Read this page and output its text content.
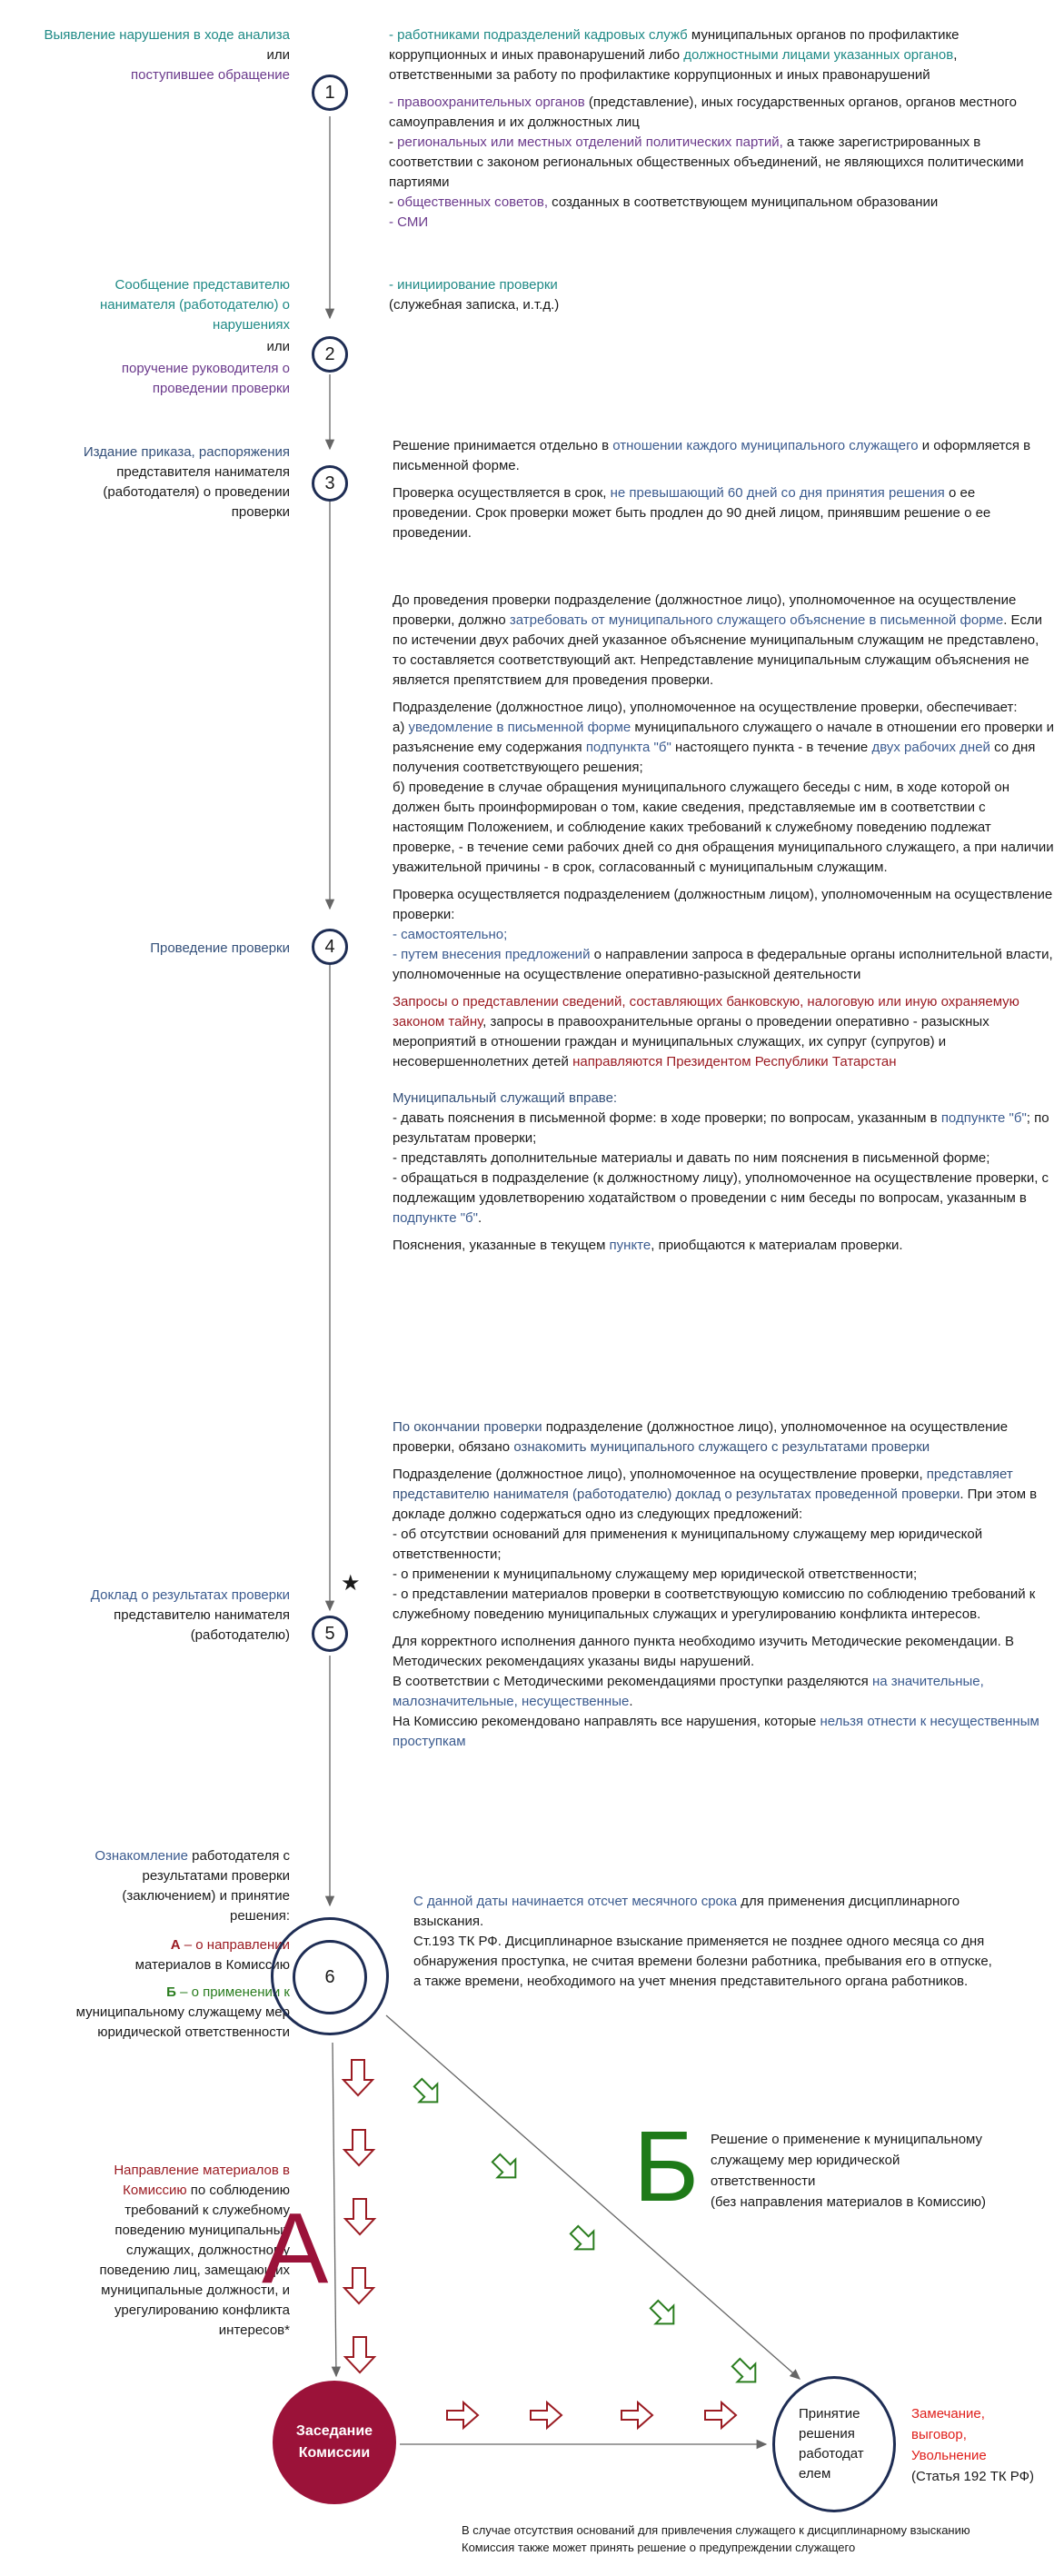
Выявление нарушения в ходе анализа
или
поступившее обращение
1

- работниками подразделений кадровых служб муниципальных органов по профилактике коррупционных и иных правонарушений либо должностными лицами указанных органов, ответственными за работу по профилактике коррупционных и иных правонарушений

- правоохранительных органов (представление), иных государственных органов, органов местного самоуправления и их должностных лиц

- региональных или местных отделений политических партий, а также зарегистрированных в соответствии с законом региональных общественных объединений, не являющихся политическими партиями

- общественных советов, созданных в соответствующем муниципальном образовании

- СМИ

Сообщение представителю нанимателя (работодателю) о нарушениях
или
поручение руководителя о проведении проверки
2
- инициирование проверки
(служебная записка, и.т.д.)
Издание приказа, распоряжения
представителя нанимателя (работодателя) о проведении проверки
3

Решение принимается отдельно в отношении каждого муниципального служащего и оформляется в письменной форме.

Проверка осуществляется в срок, не превышающий 60 дней со дня принятия решения о ее проведении. Срок проверки может быть продлен до 90 дней лицом, принявшим решение о ее проведении.

Проведение проверки	4

До проведения проверки подразделение (должностное лицо), уполномоченное на осуществление проверки, должно затребовать от муниципального служащего объяснение в письменной форме. Если по истечении двух рабочих дней указанное объяснение муниципальным служащим не представлено, то составляется соответствующий акт. Непредставление муниципальным служащим объяснения не является препятствием для проведения проверки.

Подразделение (должностное лицо), уполномоченное на осуществление проверки, обеспечивает:
а) уведомление в письменной форме муниципального служащего о начале в отношении его проверки и разъяснение ему содержания подпункта "б" настоящего пункта - в течение двух рабочих дней со дня получения соответствующего решения;
б) проведение в случае обращения муниципального служащего беседы с ним, в ходе которой он должен быть проинформирован о том, какие сведения, представляемые им в соответствии с настоящим Положением, и соблюдение каких требований к служебному поведению подлежат проверке, - в течение семи рабочих дней со дня обращения муниципального служащего, а при наличии уважительной причины - в срок, согласованный с муниципальным служащим.

Проверка осуществляется подразделением (должностным лицом), уполномоченным на осуществление проверки:
- самостоятельно;
- путем внесения предложений о направлении запроса в федеральные органы исполнительной власти, уполномоченные на осуществление оперативно-разыскной деятельности

Запросы о представлении сведений, составляющих банковскую, налоговую или иную охраняемую законом тайну, запросы в правоохранительные органы о проведении оперативно - разыскных мероприятий в отношении граждан и муниципальных служащих, их супруг (супругов) и несовершеннолетних детей направляются Президентом Республики Татарстан

Муниципальный служащий вправе:
- давать пояснения в письменной форме: в ходе проверки; по вопросам, указанным в подпункте "б"; по результатам проверки;
- представлять дополнительные материалы и давать по ним пояснения в письменной форме;
- обращаться в подразделение (к должностному лицу), уполномоченное на осуществление проверки, с подлежащим удовлетворению ходатайством о проведении с ним беседы по вопросам, указанным в подпункте "б".

Пояснения, указанные в текущем пункте, приобщаются к материалам проверки.

Доклад о результатах проверки
представителю нанимателя (работодателю)	5
★

По окончании проверки подразделение (должностное лицо), уполномоченное на осуществление проверки, обязано ознакомить муниципального служащего с результатами проверки

Подразделение (должностное лицо), уполномоченное на осуществление проверки, представляет представителю нанимателя (работодателю) доклад о результатах проведенной проверки. При этом в докладе должно содержаться одно из следующих предложений:
- об отсутствии оснований для применения к муниципальному служащему мер юридической ответственности;
- о применении к муниципальному служащему мер юридической ответственности;
- о представлении материалов проверки в соответствующую комиссию по соблюдению требований к служебному поведению муниципальных служащих и урегулированию конфликта интересов.

Для корректного исполнения данного пункта необходимо изучить Методические рекомендации. В Методических рекомендациях указаны виды нарушений.
В соответствии с Методическими рекомендациями проступки разделяются на значительные, малозначительные, несущественные.
На Комиссию рекомендовано направлять все нарушения, которые нельзя отнести к несущественным проступкам

Ознакомление работодателя с результатами проверки (заключением) и принятие решения:
А – о направлении
материалов в Комиссию
Б – о применении к
муниципальному служащему мер юридической ответственности
6
С данной даты начинается отсчет месячного срока для применения дисциплинарного взыскания.
Ст.193 ТК РФ. Дисциплинарное взыскание применяется не позднее одного месяца со дня обнаружения проступка, не считая времени болезни работника, пребывания его в отпуске, а также времени, необходимого на учет мнения представительного органа работников.
Направление материалов в Комиссию по соблюдению требований к служебному поведению муниципальных служащих, должностному поведению лиц, замещающих муниципальные должности, и урегулированию конфликта интересов*
А
Б Решение о применение к муниципальному
служащему мер юридической
ответственности
(без направления материалов в Комиссию)
Заседание
Комиссии
Принятие
решения
работодат
елем
Замечание,
выговор,
Увольнение
(Статья 192 ТК РФ)
В случае отсутствия оснований для привлечения служащего к дисциплинарному взысканию
Комиссия также может принять решение о предупреждении служащего
